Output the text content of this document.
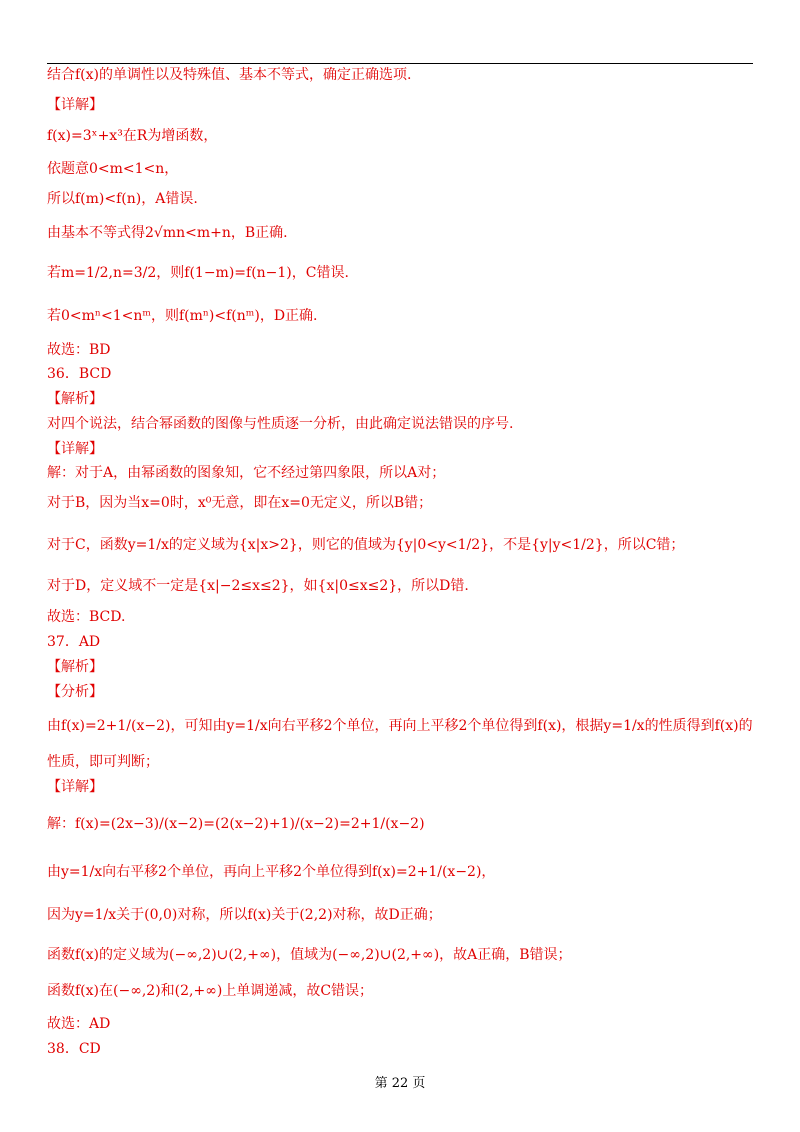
结合f(x)的单调性以及特殊值、基本不等式，确定正确选项.
【详解】
f(x)=3ˣ+x³在R为增函数，
依题意0<m<1<n，
所以f(m)<f(n)，A错误.
由基本不等式得2√mn<m+n，B正确.
若m=1/2,n=3/2，则f(1−m)=f(n−1)，C错误.
若0<mⁿ<1<nᵐ，则f(mⁿ)<f(nᵐ)，D正确.
故选：BD
36．BCD
【解析】
对四个说法，结合幂函数的图像与性质逐一分析，由此确定说法错误的序号.
【详解】
解：对于A，由幂函数的图象知，它不经过第四象限，所以A对；
对于B，因为当x=0时，x⁰无意，即在x=0无定义，所以B错；
对于C，函数y=1/x的定义域为{x|x>2}，则它的值域为{y|0<y<1/2}，不是{y|y<1/2}，所以C错；
对于D，定义域不一定是{x|−2≤x≤2}，如{x|0≤x≤2}，所以D错.
故选：BCD.
37．AD
【解析】
【分析】
由f(x)=2+1/(x−2)，可知由y=1/x向右平移2个单位，再向上平移2个单位得到f(x)，根据y=1/x的性质得到f(x)的
性质，即可判断；
【详解】
解：f(x)=(2x−3)/(x−2)=(2(x−2)+1)/(x−2)=2+1/(x−2)
由y=1/x向右平移2个单位，再向上平移2个单位得到f(x)=2+1/(x−2)，
因为y=1/x关于(0,0)对称，所以f(x)关于(2,2)对称，故D正确；
函数f(x)的定义域为(−∞,2)∪(2,+∞)，值域为(−∞,2)∪(2,+∞)，故A正确，B错误；
函数f(x)在(−∞,2)和(2,+∞)上单调递减，故C错误；
故选：AD
38．CD
第 22 页
